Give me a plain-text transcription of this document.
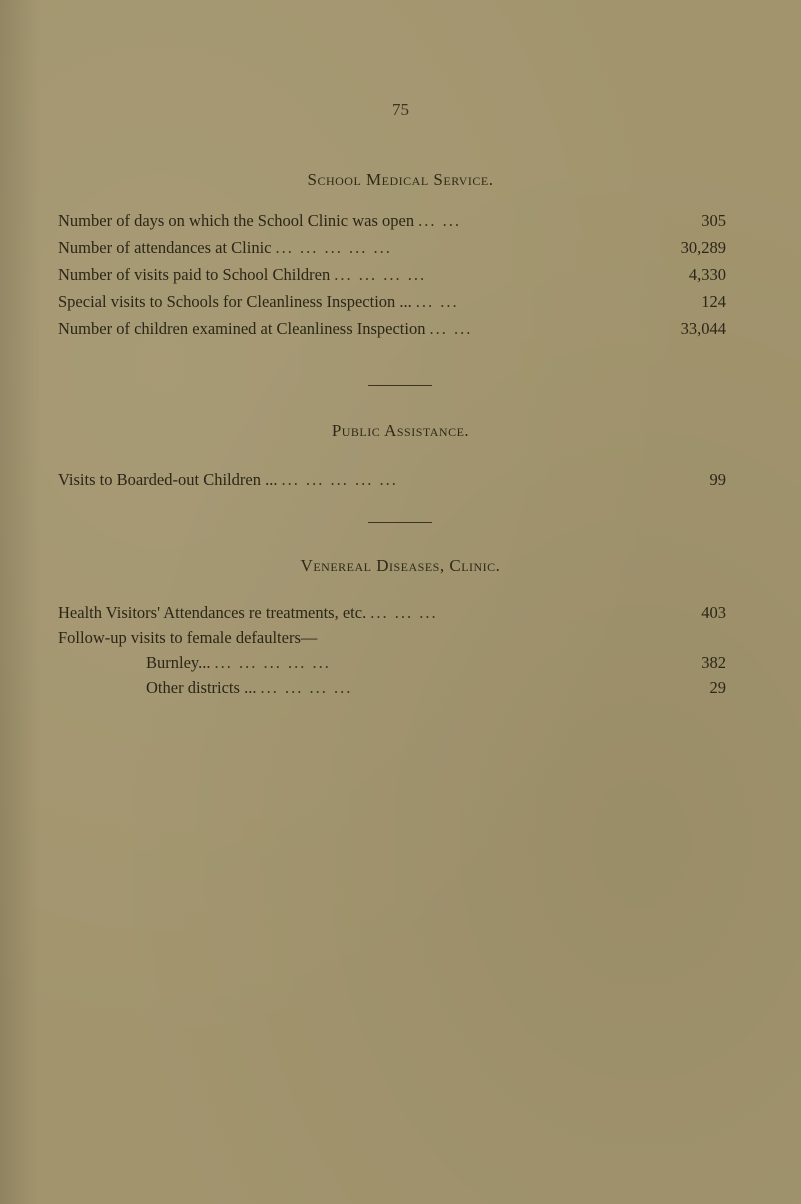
75
School Medical Service.
Number of days on which the School Clinic was open ... ...	305
Number of attendances at Clinic ... ... ... ... ...	30,289
Number of visits paid to School Children ... ... ... ...	4,330
Special visits to Schools for Cleanliness Inspection ... ... ...	124
Number of children examined at Cleanliness Inspection ... ...	33,044
Public Assistance.
Visits to Boarded-out Children ... ... ... ... ... ...	99
Venereal Diseases, Clinic.
Health Visitors' Attendances re treatments, etc. ... ... ...	403
Follow-up visits to female defaulters—
Burnley... ... ... ... ... ...	382
Other districts ... ... ... ... ...	29
